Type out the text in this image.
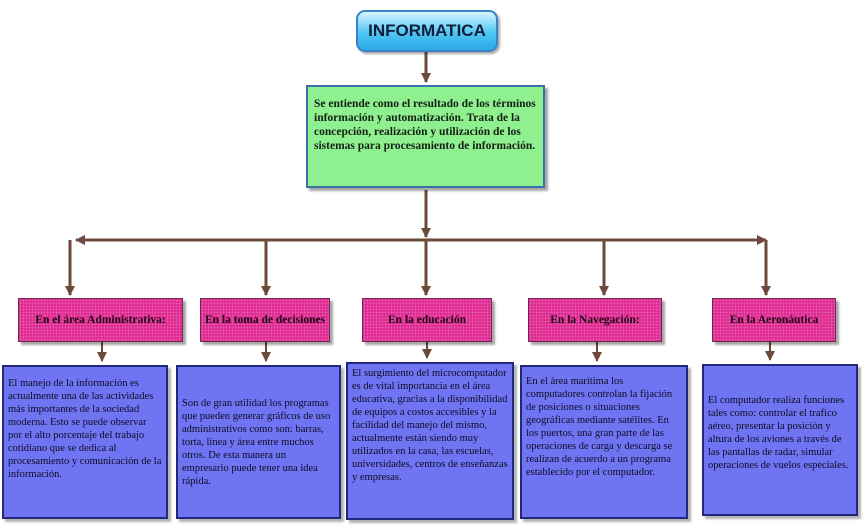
INFORMATICA
Se entiende como el resultado de los términos información y automatización. Trata de la concepción, realización y utilización de los sistemas para procesamiento de información.
En el área Administrativa:	En la toma de decisiones	En la educación	En la Navegación:	En la Aeronáutica
El manejo de la información es actualmente una de las actividades más importantes de la sociedad moderna. Esto se puede observar por el alto porcentaje del trabajo cotidiano que se dedica al procesamiento y comunicación de la información.
Son de gran utilidad los programas que pueden generar gráficos de uso administrativos como son: barras, torta, linea y área entre muchos otros. De esta manera un empresario puede tener una idea rápida.
El surgimiento del microcomputador es de vital importancia en el área educativa, gracias a la disponibilidad de equipos a costos accesibles y la facilidad del manejo del mismo, actualmente están siendo muy utilizados en la casa, las escuelas, universidades, centros de enseñanzas y empresas.
En el área marítima los computadores controlan la fijación de posiciones o situaciones geográficas mediante satélites. En los puertos, una gran parte de las operaciones de carga y descarga se realizan de acuerdo a un programa establecido por el computador.
El computador realiza funciones tales como: controlar el trafico aéreo, presentar la posición y altura de los aviones a través de las pantallas de radar, simular operaciones de vuelos especiales.
